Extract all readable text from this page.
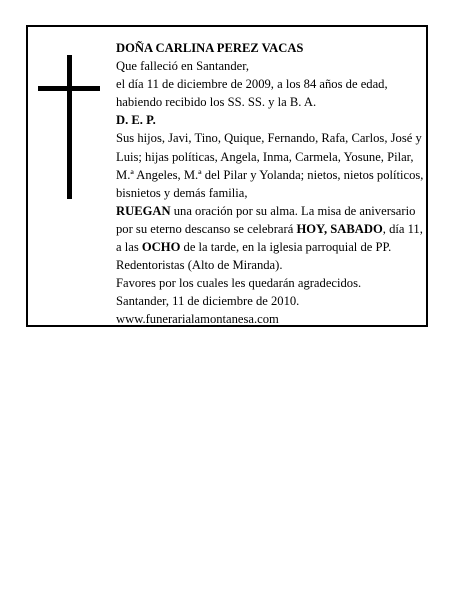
DOÑA CARLINA PEREZ VACAS

Que falleció en Santander,

el día 11 de diciembre de 2009, a los 84 años de edad, habiendo recibido los SS. SS. y la B. A.

D. E. P.

Sus hijos, Javi, Tino, Quique, Fernando, Rafa, Carlos, José y Luis; hijas políticas, Angela, Inma, Carmela, Yosune, Pilar, M.ª Angeles, M.ª del Pilar y Yolanda; nietos, nietos políticos, bisnietos y demás familia,

RUEGAN una oración por su alma. La misa de aniversario por su eterno descanso se celebrará HOY, SABADO, día 11, a las OCHO de la tarde, en la iglesia parroquial de PP. Redentoristas (Alto de Miranda).

Favores por los cuales les quedarán agradecidos.

Santander, 11 de diciembre de 2010.

www.funerarialamontanesa.com
